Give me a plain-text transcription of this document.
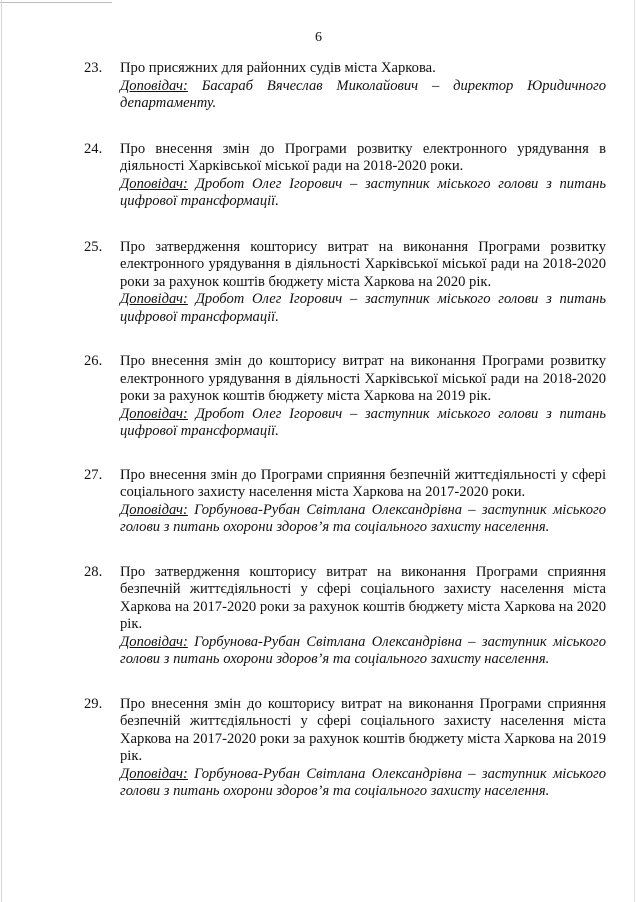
6

23.	Про присяжних для районних судів міста Харкова.
Доповідач: Басараб Вячеслав Миколайович – директор Юридичного департаменту.
24.	Про внесення змін до Програми розвитку електронного урядування в діяльності Харківської міської ради на 2018-2020 роки.
Доповідач: Дробот Олег Ігорович – заступник міського голови з питань цифрової трансформації.
25.	Про затвердження кошторису витрат на виконання Програми розвитку електронного урядування в діяльності Харківської міської ради на 2018-2020 роки за рахунок коштів бюджету міста Харкова на 2020 рік.
Доповідач: Дробот Олег Ігорович – заступник міського голови з питань цифрової трансформації.
26.	Про внесення змін до кошторису витрат на виконання Програми розвитку електронного урядування в діяльності Харківської міської ради на 2018-2020 роки за рахунок коштів бюджету міста Харкова на 2019 рік.
Доповідач: Дробот Олег Ігорович – заступник міського голови з питань цифрової трансформації.
27.	Про внесення змін до Програми сприяння безпечній життєдіяльності у сфері соціального захисту населення міста Харкова на 2017-2020 роки.
Доповідач: Горбунова-Рубан Світлана Олександрівна – заступник міського голови з питань охорони здоров’я та соціального захисту населення.
28.	Про затвердження кошторису витрат на виконання Програми сприяння безпечній життєдіяльності у сфері соціального захисту населення міста Харкова на 2017-2020 роки за рахунок коштів бюджету міста Харкова на 2020 рік.
Доповідач: Горбунова-Рубан Світлана Олександрівна – заступник міського голови з питань охорони здоров’я та соціального захисту населення.
29.	Про внесення змін до кошторису витрат на виконання Програми сприяння безпечній життєдіяльності у сфері соціального захисту населення міста Харкова на 2017-2020 роки за рахунок коштів бюджету міста Харкова на 2019 рік.
Доповідач: Горбунова-Рубан Світлана Олександрівна – заступник міського голови з питань охорони здоров’я та соціального захисту населення.
